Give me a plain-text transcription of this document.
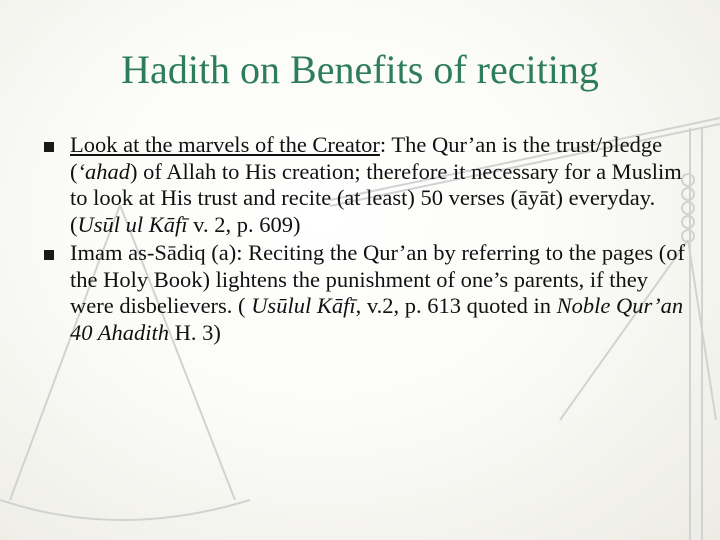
Hadith on Benefits of reciting
Look at the marvels of the Creator: The Qur’an is the trust/pledge (‘ahad) of Allah to His creation; therefore it necessary for a Muslim to look at His trust and recite (at least) 50 verses (āyāt) everyday. (Usūl ul Kāfī v. 2, p. 609)
Imam as-Sādiq (a): Reciting the Qur’an by referring to the pages (of the Holy Book) lightens the punishment of one’s parents, if they were disbelievers. ( Usūlul Kāfī, v.2, p. 613 quoted in Noble Qur’an 40 Ahadith H. 3)
